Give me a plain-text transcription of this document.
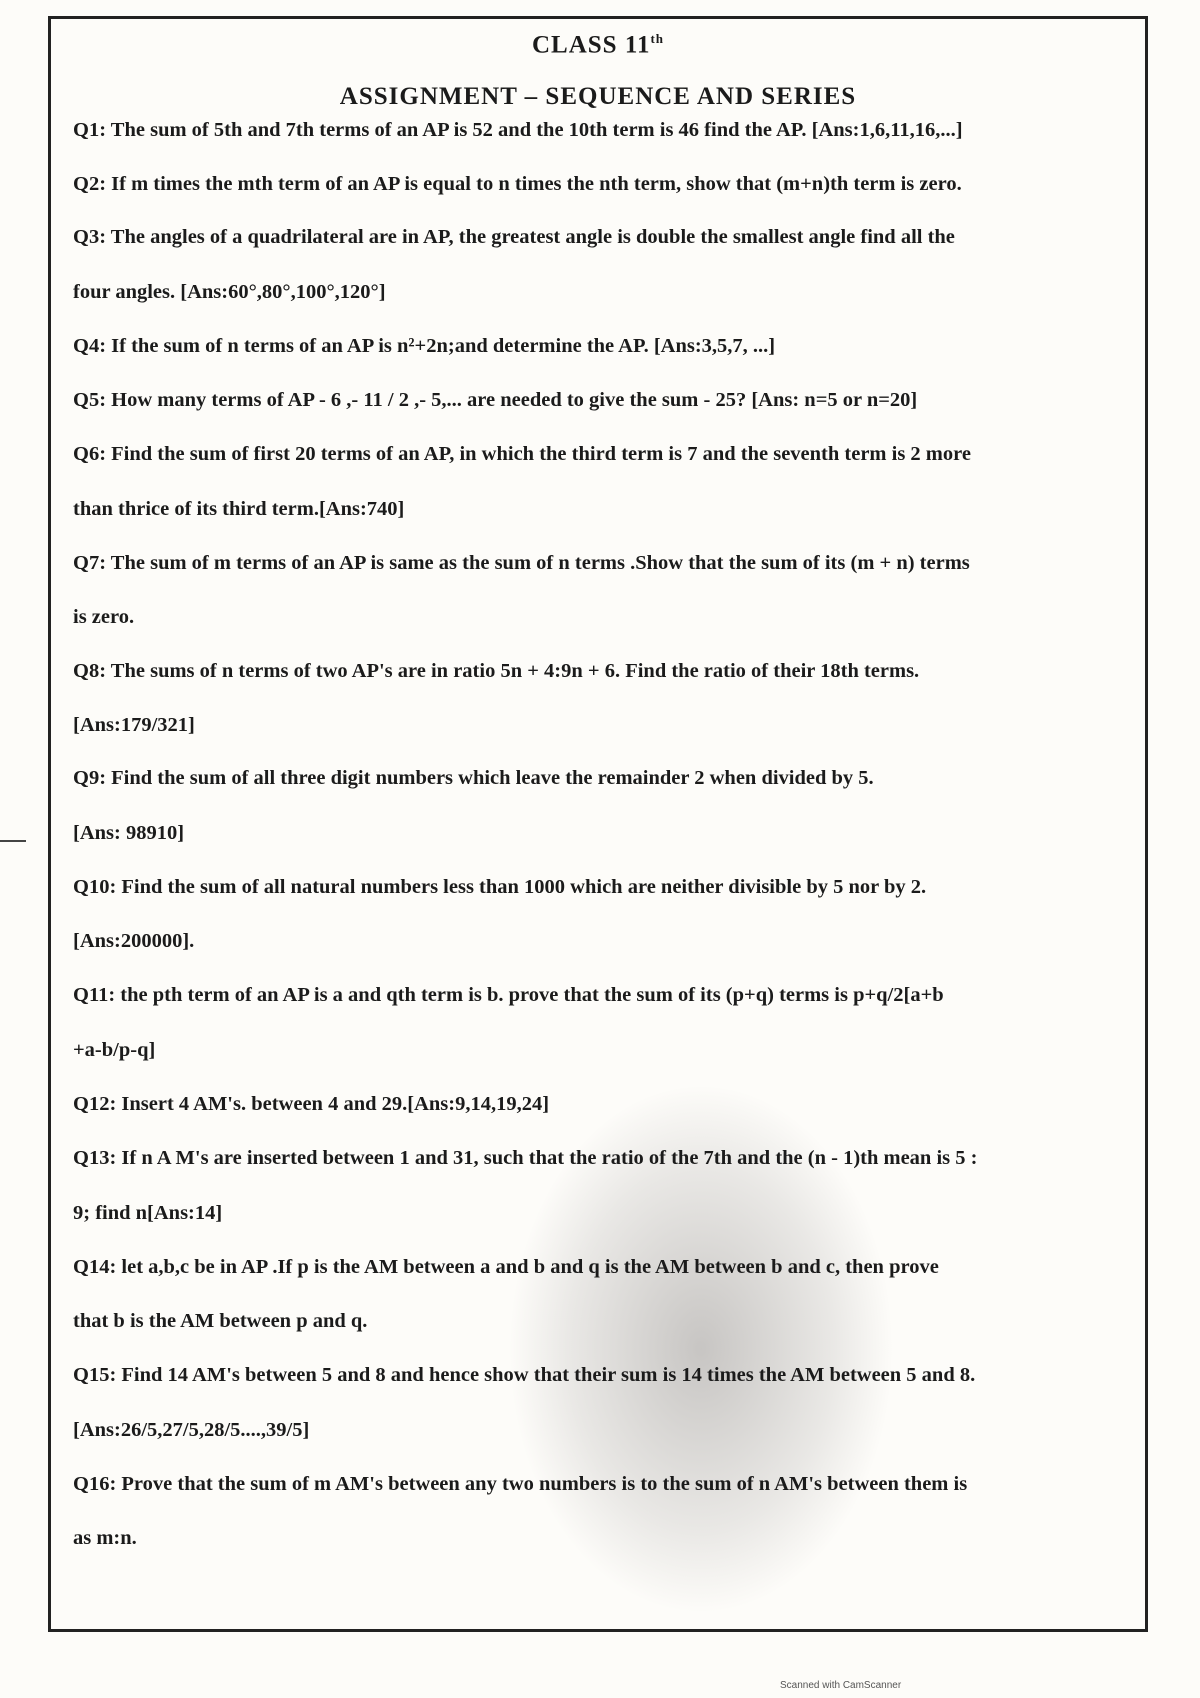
CLASS 11th
ASSIGNMENT – SEQUENCE AND SERIES
Q1: The sum of 5th and 7th terms of an AP is 52 and the 10th term is 46 find the AP. [Ans:1,6,11,16,...]
Q2: If m times the mth term of an AP is equal to n times the nth term, show that (m+n)th term is zero.
Q3: The angles of a quadrilateral are in AP, the greatest angle is double the smallest angle find all the
four angles. [Ans:60°,80°,100°,120°]
Q4: If the sum of n terms of an AP is n²+2n;and determine the AP. [Ans:3,5,7, ...]
Q5: How many terms of AP - 6 ,- 11 / 2 ,- 5,... are needed to give the sum - 25? [Ans: n=5 or n=20]
Q6: Find the sum of first 20 terms of an AP, in which the third term is 7 and the seventh term is 2 more
than thrice of its third term.[Ans:740]
Q7: The sum of m terms of an AP is same as the sum of n terms .Show that the sum of its (m + n) terms
is zero.
Q8: The sums of n terms of two AP's are in ratio 5n + 4:9n + 6. Find the ratio of their 18th terms.
[Ans:179/321]
Q9: Find the sum of all three digit numbers which leave the remainder 2 when divided by 5.
[Ans: 98910]
Q10: Find the sum of all natural numbers less than 1000 which are neither divisible by 5 nor by 2.
[Ans:200000].
Q11: the pth term of an AP is a and qth term is b. prove that the sum of its (p+q) terms is p+q/2[a+b
+a-b/p-q]
Q12: Insert 4 AM's. between 4 and 29.[Ans:9,14,19,24]
Q13: If n A M's are inserted between 1 and 31, such that the ratio of the 7th and the (n - 1)th mean is 5 :
9; find n[Ans:14]
Q14: let a,b,c be in AP .If p is the AM between a and b and q is the AM between b and c, then prove
that b is the AM between p and q.
Q15: Find 14 AM's between 5 and 8 and hence show that their sum is 14 times the AM between 5 and 8.
[Ans:26/5,27/5,28/5....,39/5]
Q16: Prove that the sum of m AM's between any two numbers is to the sum of n AM's between them is
as m:n.
Scanned with CamScanner
